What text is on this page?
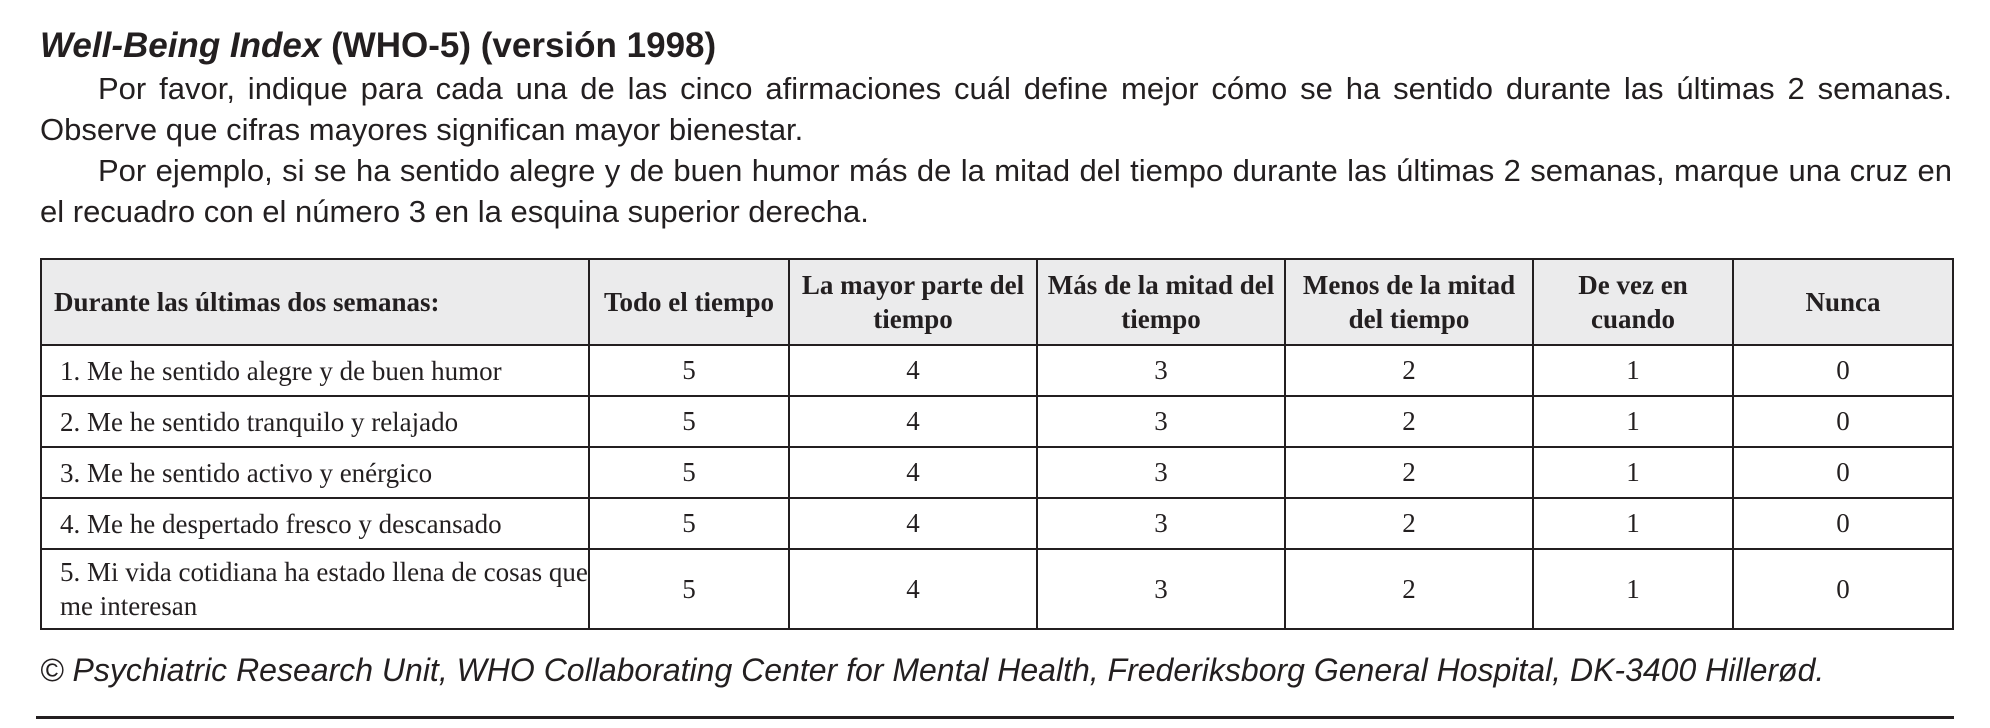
Well-Being Index (WHO-5) (versión 1998)

Por favor, indique para cada una de las cinco afirmaciones cuál define mejor cómo se ha sentido durante las últimas 2 semanas. Observe que cifras mayores significan mayor bienestar.

Por ejemplo, si se ha sentido alegre y de buen humor más de la mitad del tiempo durante las últimas 2 semanas, marque una cruz en el recuadro con el número 3 en la esquina superior derecha.

Durante las últimas dos semanas:	Todo el tiempo	La mayor parte del tiempo	Más de la mitad del tiempo	Menos de la mitad del tiempo	De vez en cuando	Nunca
1. Me he sentido alegre y de buen humor	5	4	3	2	1	0
2. Me he sentido tranquilo y relajado	5	4	3	2	1	0
3. Me he sentido activo y enérgico	5	4	3	2	1	0
4. Me he despertado fresco y descansado	5	4	3	2	1	0
5. Mi vida cotidiana ha estado llena de cosas que me interesan	5	4	3	2	1	0

© Psychiatric Research Unit, WHO Collaborating Center for Mental Health, Frederiksborg General Hospital, DK-3400 Hillerød.
